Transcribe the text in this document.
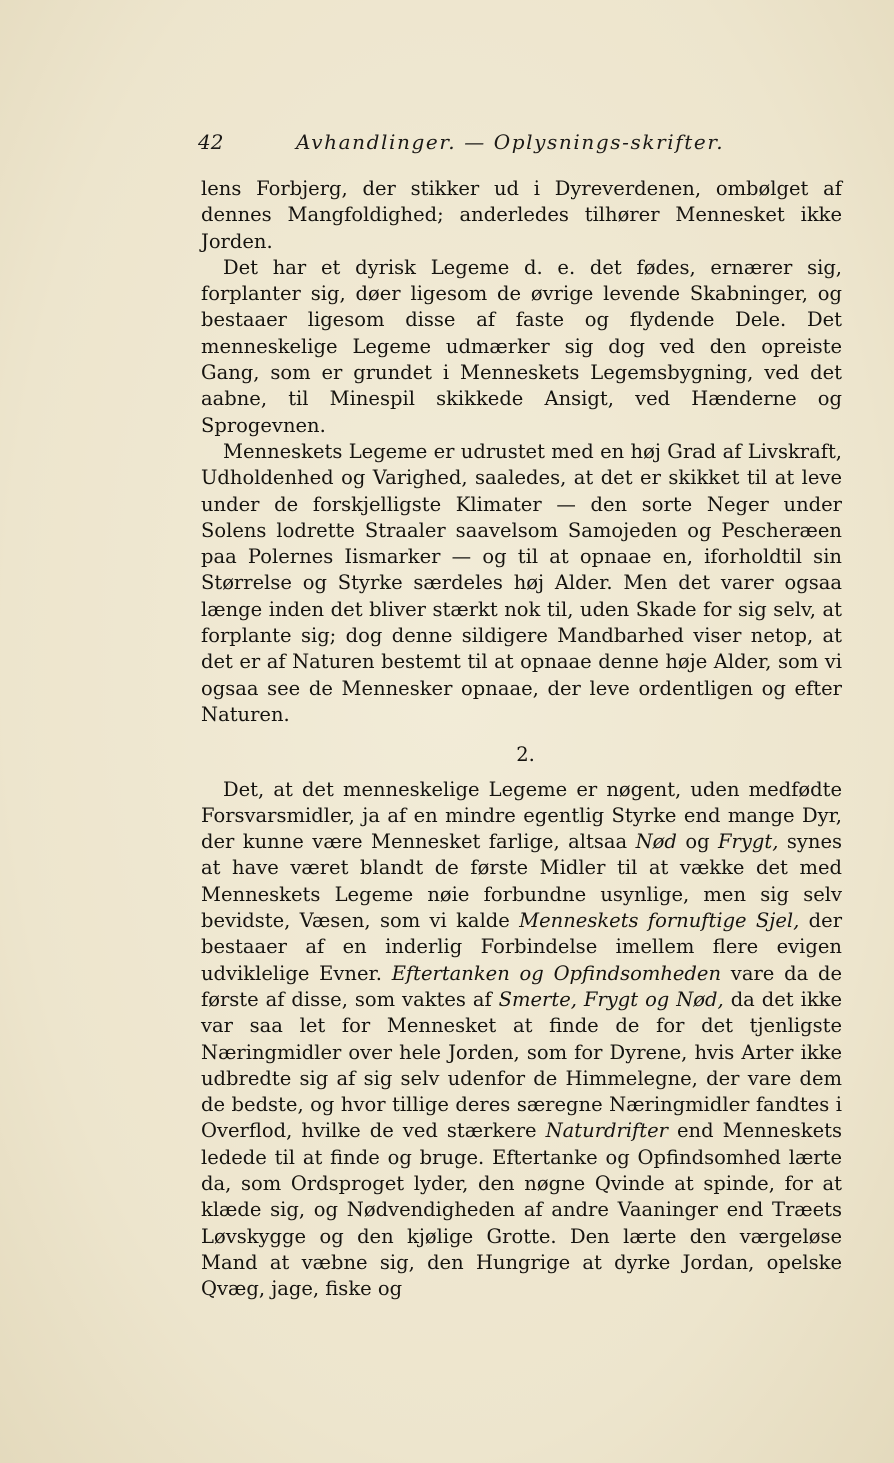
42	Avhandlinger. — Oplysnings-skrifter.

lens Forbjerg, der stikker ud i Dyreverdenen, ombølget af dennes Mangfoldighed; anderledes tilhører Mennesket ikke Jorden.

Det har et dyrisk Legeme d. e. det fødes, ernærer sig, forplanter sig, døer ligesom de øvrige levende Skabninger, og bestaaer ligesom disse af faste og flydende Dele. Det menneskelige Legeme udmærker sig dog ved den opreiste Gang, som er grundet i Menneskets Legemsbygning, ved det aabne, til Minespil skikkede Ansigt, ved Hænderne og Sprogevnen.

Menneskets Legeme er udrustet med en høj Grad af Livskraft, Udholdenhed og Varighed, saaledes, at det er skikket til at leve under de forskjelligste Klimater — den sorte Neger under Solens lodrette Straaler saavelsom Samojeden og Pescheræen paa Polernes Iismarker — og til at opnaae en, iforholdtil sin Størrelse og Styrke særdeles høj Alder. Men det varer ogsaa længe inden det bliver stærkt nok til, uden Skade for sig selv, at forplante sig; dog denne sildigere Mandbarhed viser netop, at det er af Naturen bestemt til at opnaae denne høje Alder, som vi ogsaa see de Mennesker opnaae, der leve ordentligen og efter Naturen.

2.

Det, at det menneskelige Legeme er nøgent, uden medfødte Forsvarsmidler, ja af en mindre egentlig Styrke end mange Dyr, der kunne være Mennesket farlige, altsaa Nød og Frygt, synes at have været blandt de første Midler til at vække det med Menneskets Legeme nøie forbundne usynlige, men sig selv bevidste, Væsen, som vi kalde Menneskets fornuftige Sjel, der bestaaer af en inderlig Forbindelse imellem flere evigen udviklelige Evner. Eftertanken og Opfindsomheden vare da de første af disse, som vaktes af Smerte, Frygt og Nød, da det ikke var saa let for Mennesket at finde de for det tjenligste Næringmidler over hele Jorden, som for Dyrene, hvis Arter ikke udbredte sig af sig selv udenfor de Himmelegne, der vare dem de bedste, og hvor tillige deres særegne Næringmidler fandtes i Overflod, hvilke de ved stærkere Naturdrifter end Menneskets ledede til at finde og bruge. Eftertanke og Opfindsomhed lærte da, som Ordsproget lyder, den nøgne Qvinde at spinde, for at klæde sig, og Nødvendigheden af andre Vaaninger end Træets Løvskygge og den kjølige Grotte. Den lærte den værgeløse Mand at væbne sig, den Hungrige at dyrke Jordan, opelske Qvæg, jage, fiske og
